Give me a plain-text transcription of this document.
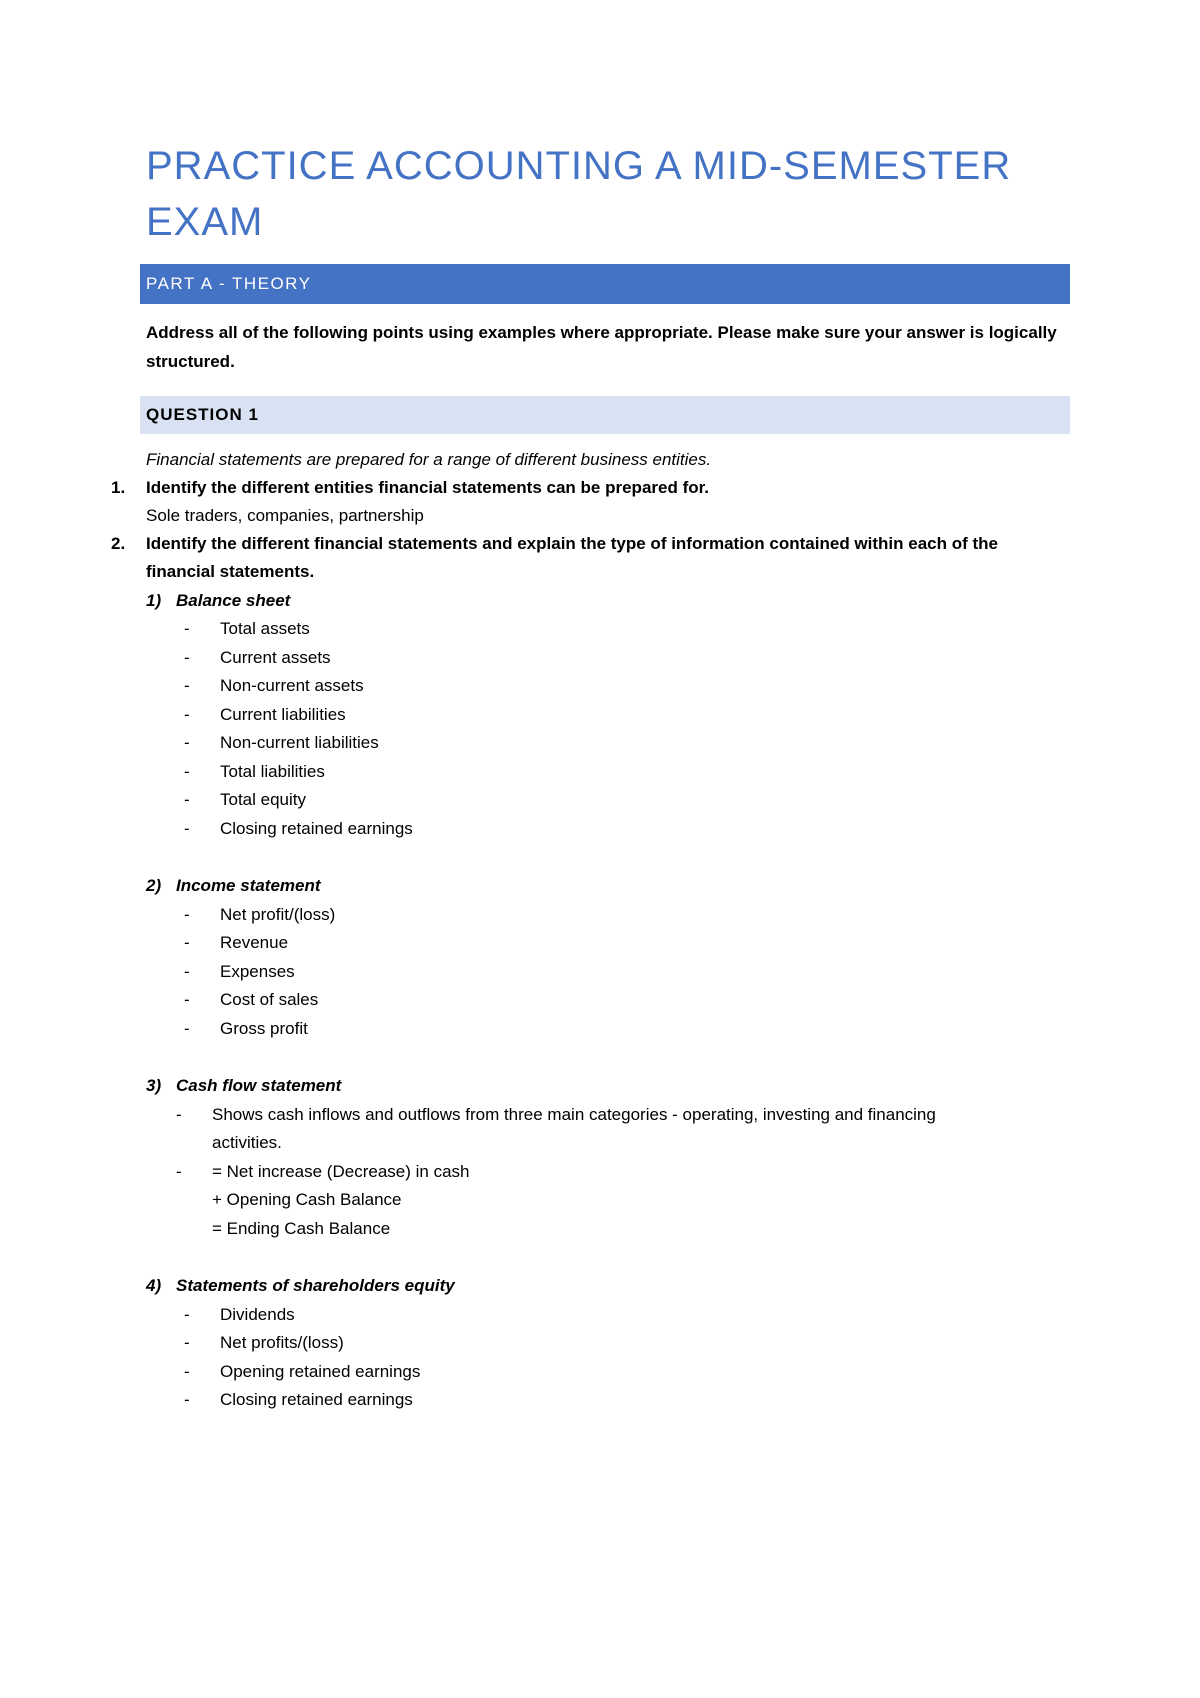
PRACTICE ACCOUNTING A MID-SEMESTER EXAM
PART A - THEORY
Address all of the following points using examples where appropriate. Please make sure your answer is logically structured.
QUESTION 1
Financial statements are prepared for a range of different business entities.
1. Identify the different entities financial statements can be prepared for.
Sole traders, companies, partnership
2. Identify the different financial statements and explain the type of information contained within each of the
financial statements.
1) Balance sheet
- Total assets
- Current assets
- Non-current assets
- Current liabilities
- Non-current liabilities
- Total liabilities
- Total equity
- Closing retained earnings
2) Income statement
- Net profit/(loss)
- Revenue
- Expenses
- Cost of sales
- Gross profit
3) Cash flow statement
- Shows cash inflows and outflows from three main categories - operating, investing and financing
activities.
- = Net increase (Decrease) in cash
+ Opening Cash Balance
= Ending Cash Balance
4) Statements of shareholders equity
- Dividends
- Net profits/(loss)
- Opening retained earnings
- Closing retained earnings
